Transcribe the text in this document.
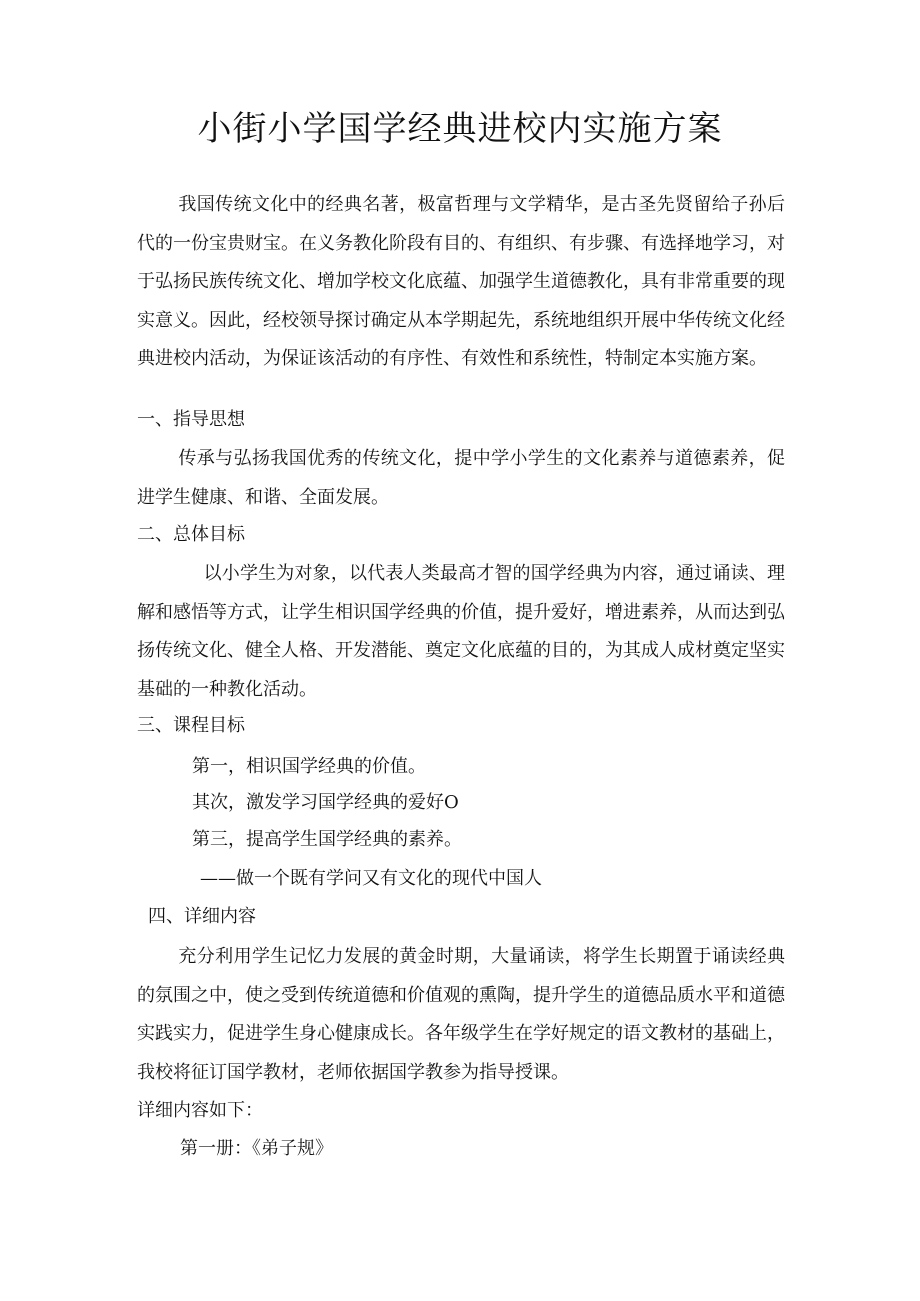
小街小学国学经典进校内实施方案

我国传统文化中的经典名著，极富哲理与文学精华，是古圣先贤留给子孙后代的一份宝贵财宝。在义务教化阶段有目的、有组织、有步骤、有选择地学习，对于弘扬民族传统文化、增加学校文化底蕴、加强学生道德教化，具有非常重要的现实意义。因此，经校领导探讨确定从本学期起先，系统地组织开展中华传统文化经典进校内活动，为保证该活动的有序性、有效性和系统性，特制定本实施方案。

一、指导思想

传承与弘扬我国优秀的传统文化，提中学小学生的文化素养与道德素养，促进学生健康、和谐、全面发展。

二、总体目标

以小学生为对象，以代表人类最高才智的国学经典为内容，通过诵读、理解和感悟等方式，让学生相识国学经典的价值，提升爱好，增进素养，从而达到弘扬传统文化、健全人格、开发潜能、奠定文化底蕴的目的，为其成人成材奠定坚实基础的一种教化活动。

三、课程目标

第一，相识国学经典的价值。

其次，激发学习国学经典的爱好O

第三，提高学生国学经典的素养。

——做一个既有学问又有文化的现代中国人

四、详细内容

充分利用学生记忆力发展的黄金时期，大量诵读，将学生长期置于诵读经典的氛围之中，使之受到传统道德和价值观的熏陶，提升学生的道德品质水平和道德实践实力，促进学生身心健康成长。各年级学生在学好规定的语文教材的基础上，我校将征订国学教材，老师依据国学教参为指导授课。

详细内容如下：

第一册：《弟子规》
